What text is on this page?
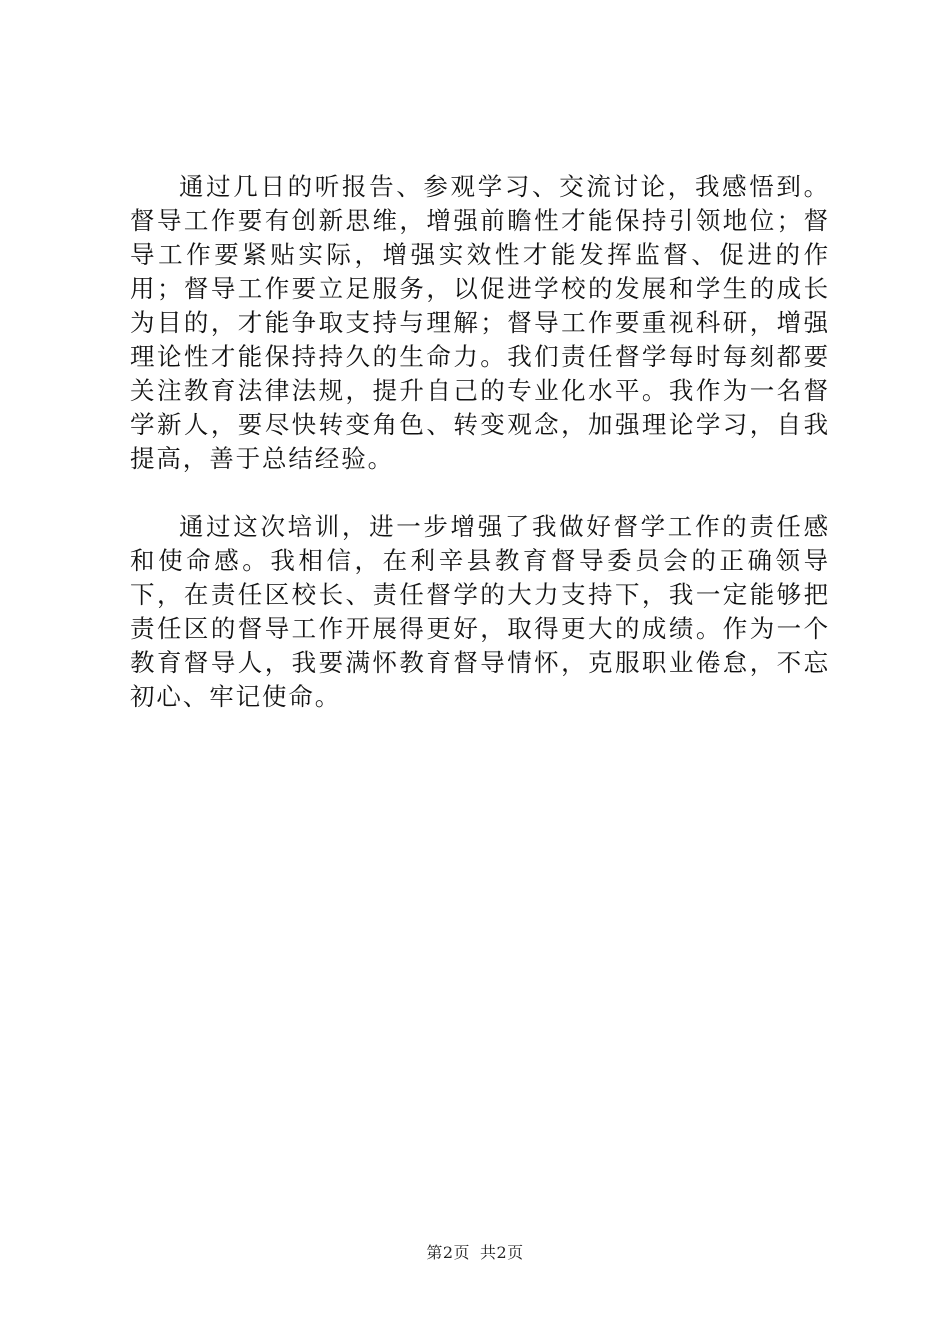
通过几日的听报告、参观学习、交流讨论，我感悟到。督导工作要有创新思维，增强前瞻性才能保持引领地位；督导工作要紧贴实际，增强实效性才能发挥监督、促进的作用；督导工作要立足服务，以促进学校的发展和学生的成长为目的，才能争取支持与理解；督导工作要重视科研，增强理论性才能保持持久的生命力。我们责任督学每时每刻都要关注教育法律法规，提升自己的专业化水平。我作为一名督学新人，要尽快转变角色、转变观念，加强理论学习，自我提高，善于总结经验。

通过这次培训，进一步增强了我做好督学工作的责任感和使命感。我相信，在利辛县教育督导委员会的正确领导下，在责任区校长、责任督学的大力支持下，我一定能够把责任区的督导工作开展得更好，取得更大的成绩。作为一个教育督导人，我要满怀教育督导情怀，克服职业倦怠，不忘初心、牢记使命。

第2页 共2页
